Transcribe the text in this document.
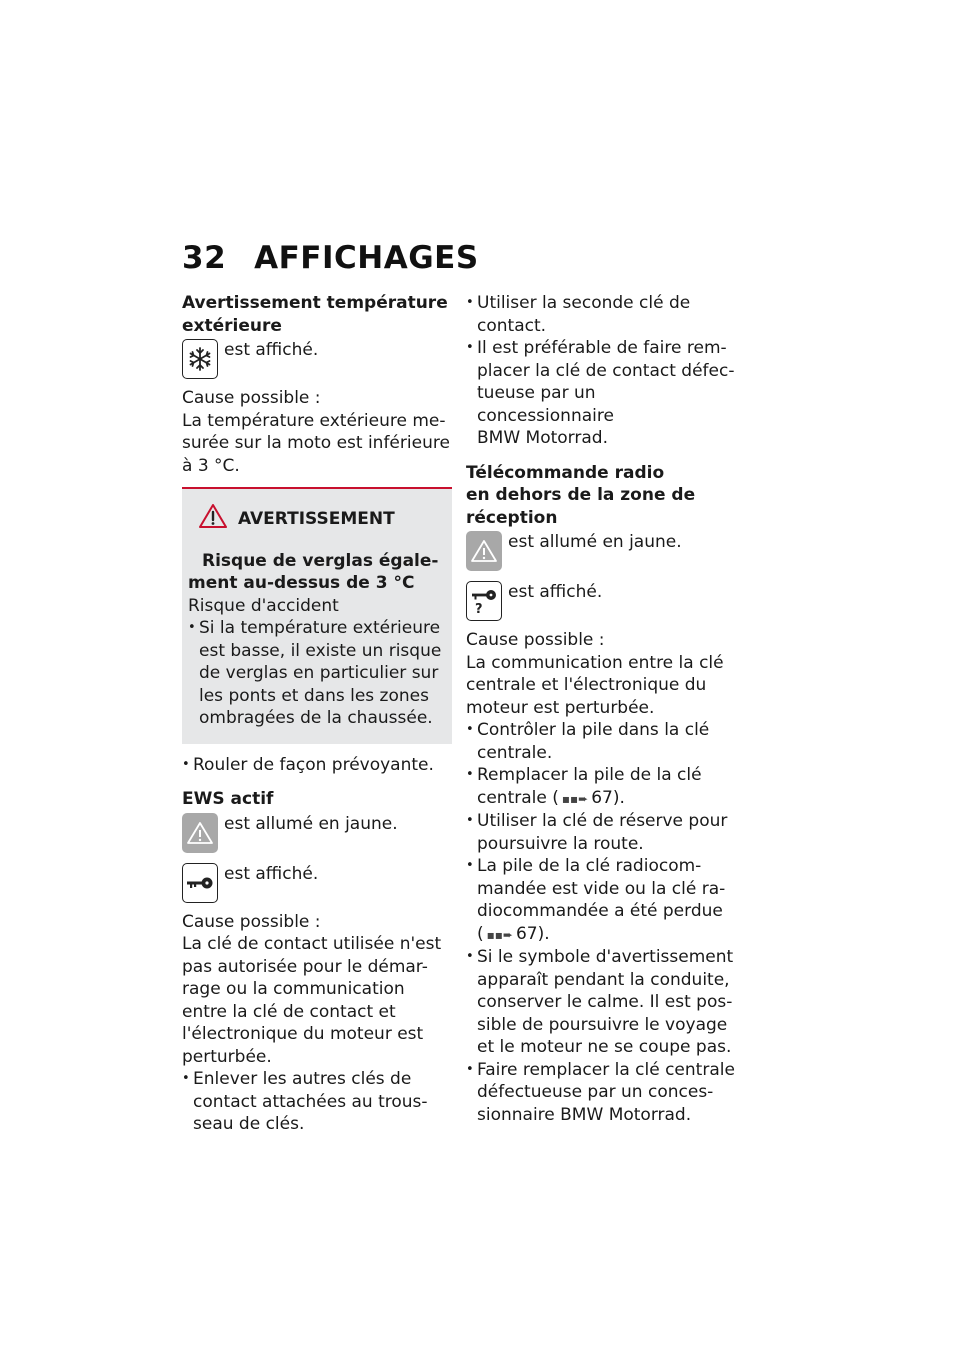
32 AFFICHAGES
Avertissement température
extérieure
est affiché.

Cause possible :

La température extérieure me-

surée sur la moto est inférieure

à 3 °C.

AVERTISSEMENT
Risque de verglas égale-
ment au-dessus de 3 °C

Risque d'accident

• Si la température extérieure
est basse, il existe un risque
de verglas en particulier sur
les ponts et dans les zones
ombragées de la chaussée.
• Rouler de façon prévoyante.
EWS actif
est allumé en jaune.
est affiché.

Cause possible :

La clé de contact utilisée n'est

pas autorisée pour le démar-

rage ou la communication

entre la clé de contact et

l'électronique du moteur est

perturbée.

• Enlever les autres clés de
contact attachées au trous-
seau de clés.
• Utiliser la seconde clé de
contact.
• Il est préférable de faire rem-
placer la clé de contact défec-
tueuse par un concessionnaire
BMW Motorrad.
Télécommande radio
en dehors de la zone de
réception
est allumé en jaune.
?
est affiché.

Cause possible :

La communication entre la clé

centrale et l'électronique du

moteur est perturbée.

• Contrôler la pile dans la clé
centrale.
• Remplacer la pile de la clé
centrale ( ▪▪➨ 67).
• Utiliser la clé de réserve pour
poursuivre la route.
• La pile de la clé radiocom-
mandée est vide ou la clé ra-
diocommandée a été perdue
( ▪▪➨ 67).
• Si le symbole d'avertissement
apparaît pendant la conduite,
conserver le calme. Il est pos-
sible de poursuivre le voyage
et le moteur ne se coupe pas.
• Faire remplacer la clé centrale
défectueuse par un conces-
sionnaire BMW Motorrad.
